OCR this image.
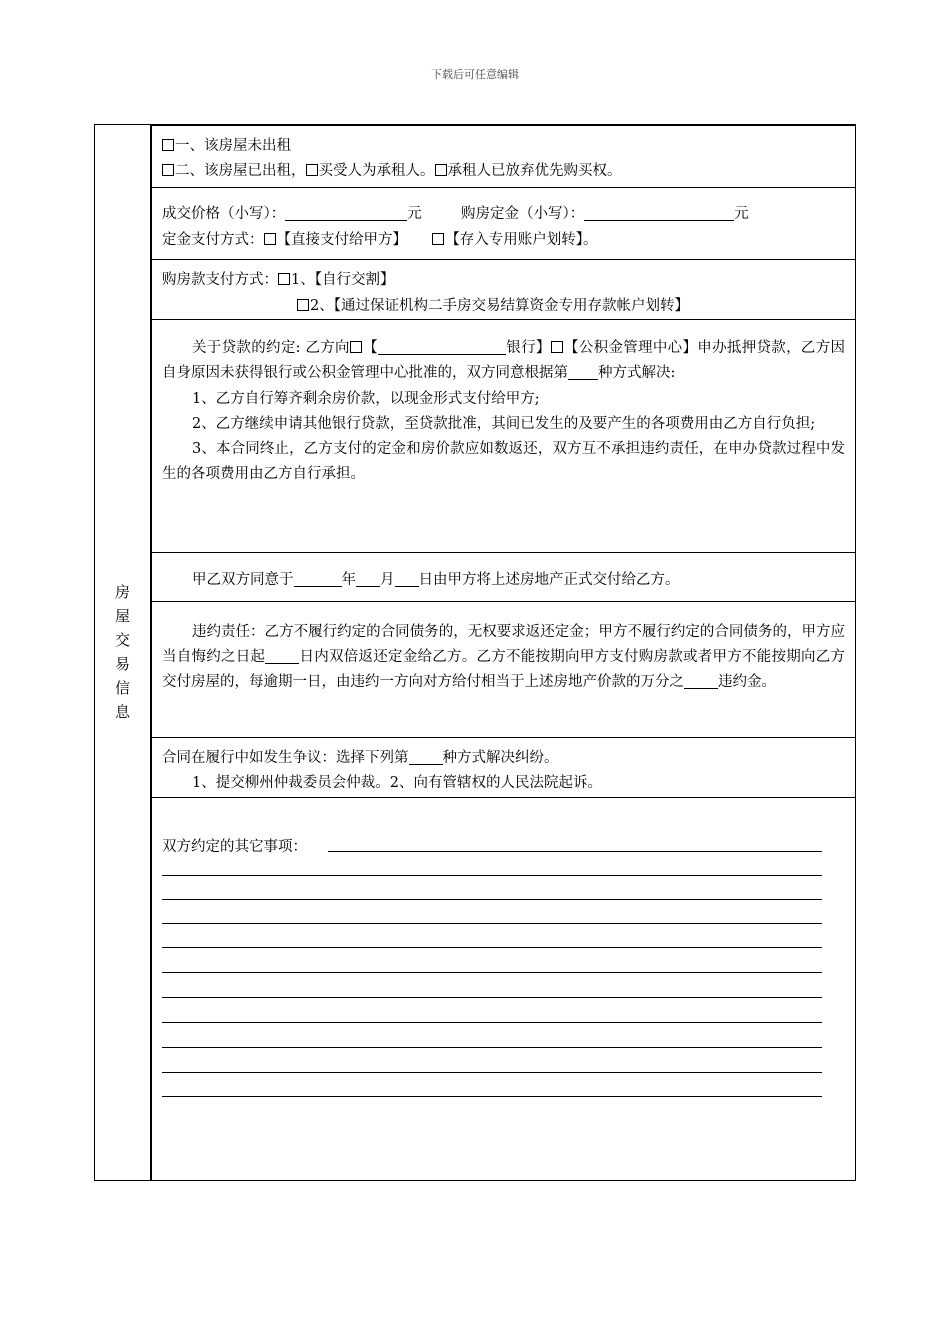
下载后可任意编辑
房
屋
交
易
信
息
一、该房屋未出租
二、该房屋已出租， 买受人为承租人。 承租人已放弃优先购买权。
成交价格（小写）：	元	购房定金（小写）：	元
定金支付方式： 【直接支付给甲方】	【存入专用账户划转】。
购房款支付方式： 1、【自行交割】
2、【通过保证机构二手房交易结算资金专用存款帐户划转】
关于贷款的约定: 乙方向 【	银行】 【公积金管理中心】申办抵押贷款，乙方因自身原因未获得银行或公积金管理中心批准的，双方同意根据第 种方式解决:
1、乙方自行筹齐剩余房价款，以现金形式支付给甲方;
2、乙方继续申请其他银行贷款，至贷款批准，其间已发生的及要产生的各项费用由乙方自行负担;
3、本合同终止，乙方支付的定金和房价款应如数返还，双方互不承担违约责任，在申办贷款过程中发生的各项费用由乙方自行承担。
甲乙双方同意于	年 月 日由甲方将上述房地产正式交付给乙方。
违约责任：乙方不履行约定的合同债务的，无权要求返还定金；甲方不履行约定的合同债务的，甲方应当自悔约之日起 日内双倍返还定金给乙方。乙方不能按期向甲方支付购房款或者甲方不能按期向乙方交付房屋的，每逾期一日，由违约一方向对方给付相当于上述房地产价款的万分之 违约金。
合同在履行中如发生争议：选择下列第 种方式解决纠纷。
1、提交柳州仲裁委员会仲裁。2、向有管辖权的人民法院起诉。
双方约定的其它事项：
